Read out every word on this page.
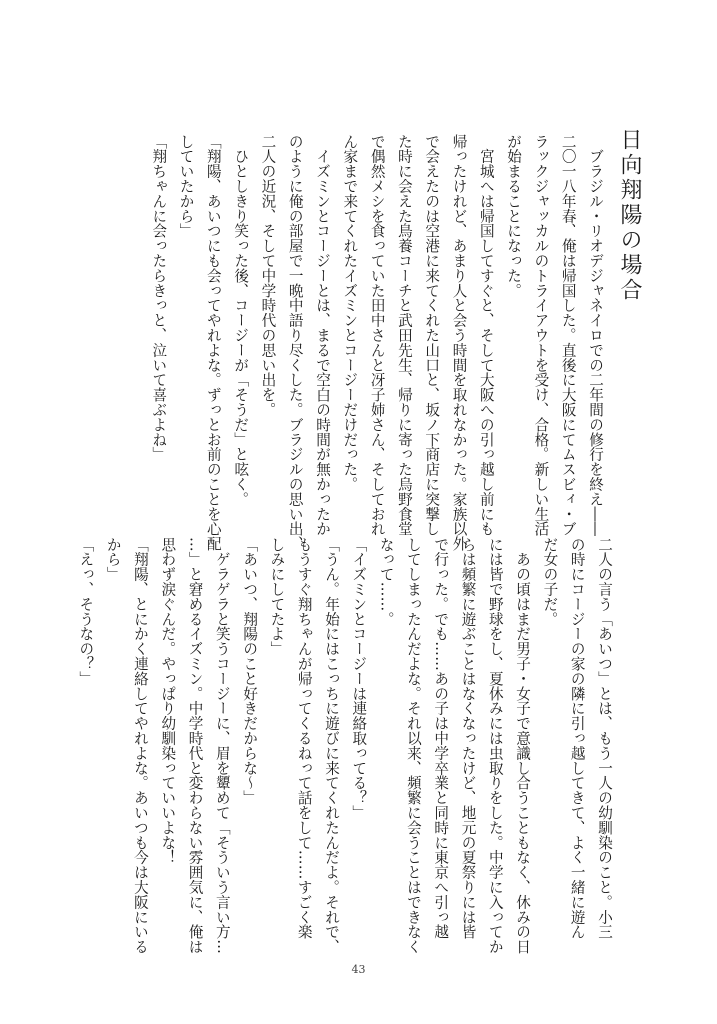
日向翔陽の場合
　ブラジル・リオデジャネイロでの二年間の修行を終え――
二〇一八年春、俺は帰国した。直後に大阪にてムスビィ・ブ
ラックジャッカルのトライアウトを受け、合格。新しい生活
が始まることになった。
　宮城へは帰国してすぐと、そして大阪への引っ越し前にも
帰ったけれど、あまり人と会う時間を取れなかった。家族以外
で会えたのは空港に来てくれた山口と、坂ノ下商店に突撃し
た時に会えた鳥養コーチと武田先生、帰りに寄った烏野食堂
で偶然メシを食っていた田中さんと冴子姉さん、そしておれ
ん家まで来てくれたイズミンとコージーだけだった。
　イズミンとコージーとは、まるで空白の時間が無かったか
のように俺の部屋で一晩中語り尽くした。ブラジルの思い出、
二人の近況、そして中学時代の思い出を。
　ひとしきり笑った後、コージーが「そうだ」と呟く。
「翔陽、あいつにも会ってやれよな。ずっとお前のことを心配
していたから」
「翔ちゃんに会ったらきっと、泣いて喜ぶよね」
二人の言う「あいつ」とは、もう一人の幼馴染のこと。小三
の時にコージーの家の隣に引っ越してきて、よく一緒に遊ん
だ女の子だ。
　あの頃はまだ男子・女子で意識し合うこともなく、休みの日
には皆で野球をし、夏休みには虫取りをした。中学に入ってか
らは頻繁に遊ぶことはなくなったけど、地元の夏祭りには皆
で行った。でも……あの子は中学卒業と同時に東京へ引っ越
してしまったんだよな。それ以来、頻繁に会うことはできなく
なって……。
「イズミンとコージーは連絡取ってる？」
「うん。年始にはこっちに遊びに来てくれたんだよ。それで、
もうすぐ翔ちゃんが帰ってくるねって話をして……すごく楽
しみにしてたよ」
「あいつ、翔陽のこと好きだからな～」
　ゲラゲラと笑うコージーに、眉を顰めて「そういう言い方…
…」と窘めるイズミン。中学時代と変わらない雰囲気に、俺は
思わず涙ぐんだ。やっぱり幼馴染っていいよな！
「翔陽、とにかく連絡してやれよな。あいつも今は大阪にいる
から」
「えっ、そうなの？」
43
